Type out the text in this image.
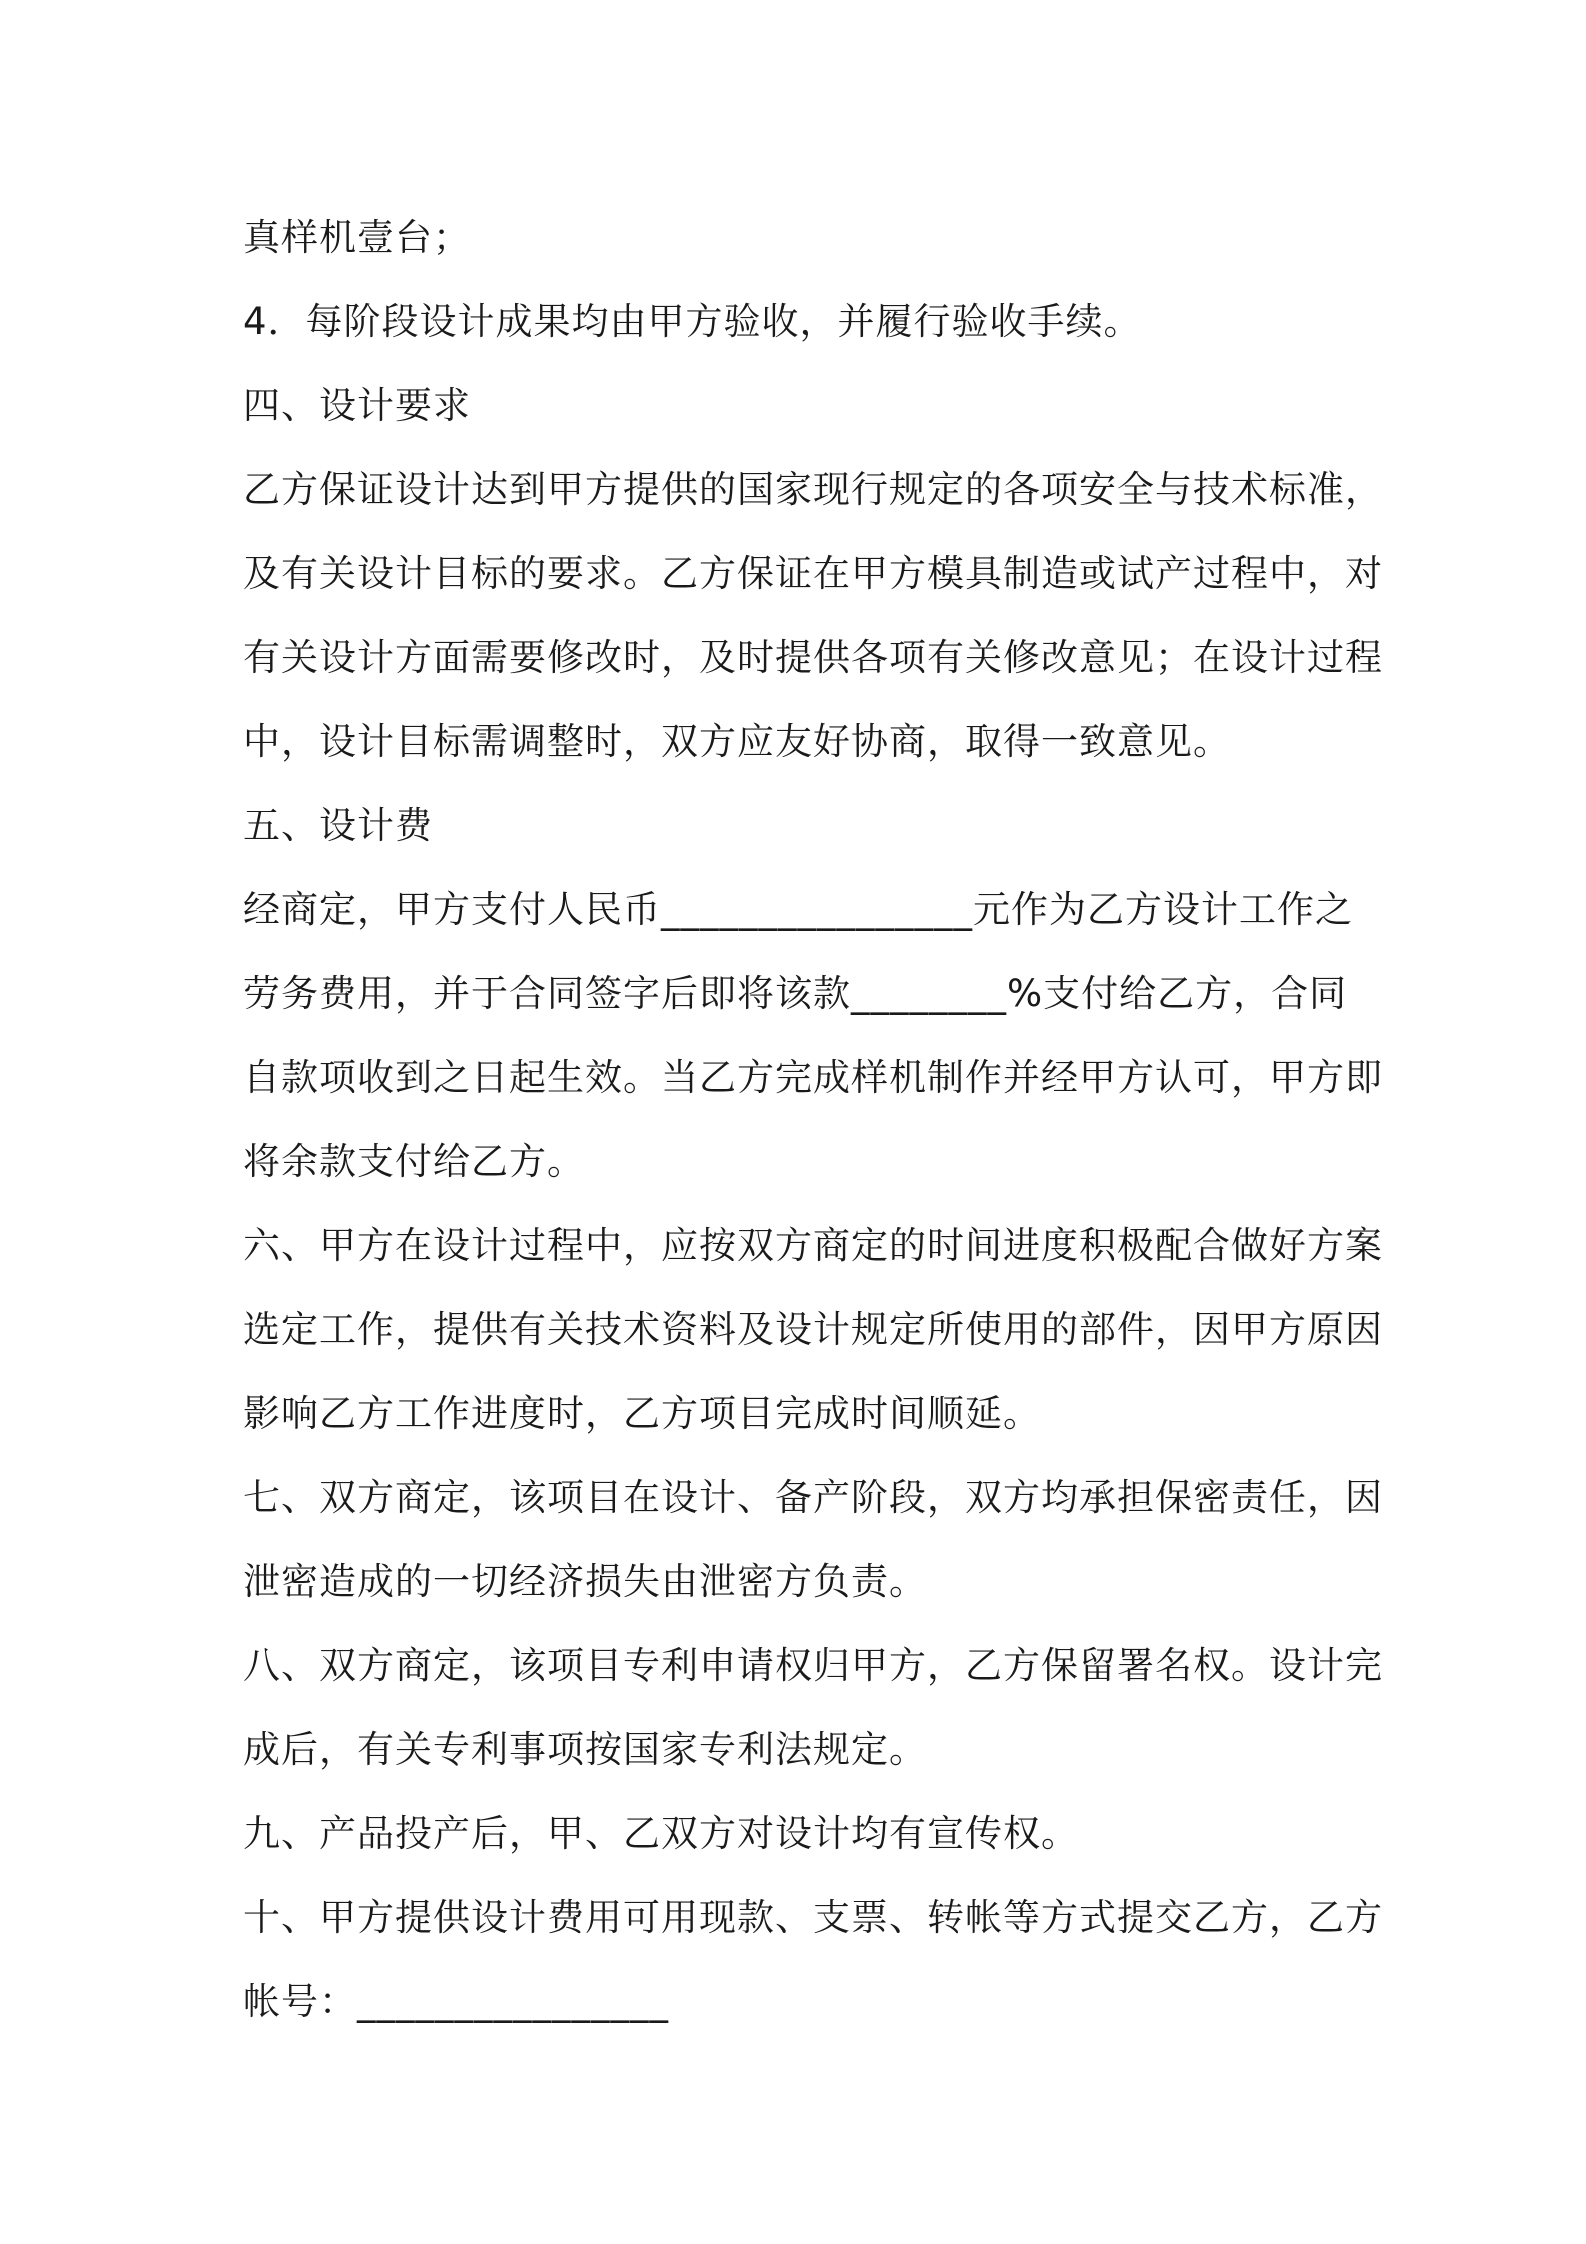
真样机壹台；
4．每阶段设计成果均由甲方验收，并履行验收手续。
四、设计要求
乙方保证设计达到甲方提供的国家现行规定的各项安全与技术标准，
及有关设计目标的要求。乙方保证在甲方模具制造或试产过程中，对
有关设计方面需要修改时，及时提供各项有关修改意见；在设计过程
中，设计目标需调整时，双方应友好协商，取得一致意见。
五、设计费
经商定，甲方支付人民币________________元作为乙方设计工作之
劳务费用，并于合同签字后即将该款________%支付给乙方，合同
自款项收到之日起生效。当乙方完成样机制作并经甲方认可，甲方即
将余款支付给乙方。
六、甲方在设计过程中，应按双方商定的时间进度积极配合做好方案
选定工作，提供有关技术资料及设计规定所使用的部件，因甲方原因
影响乙方工作进度时，乙方项目完成时间顺延。
七、双方商定，该项目在设计、备产阶段，双方均承担保密责任，因
泄密造成的一切经济损失由泄密方负责。
八、双方商定，该项目专利申请权归甲方，乙方保留署名权。设计完
成后，有关专利事项按国家专利法规定。
九、产品投产后，甲、乙双方对设计均有宣传权。
十、甲方提供设计费用可用现款、支票、转帐等方式提交乙方，乙方
帐号：________________
